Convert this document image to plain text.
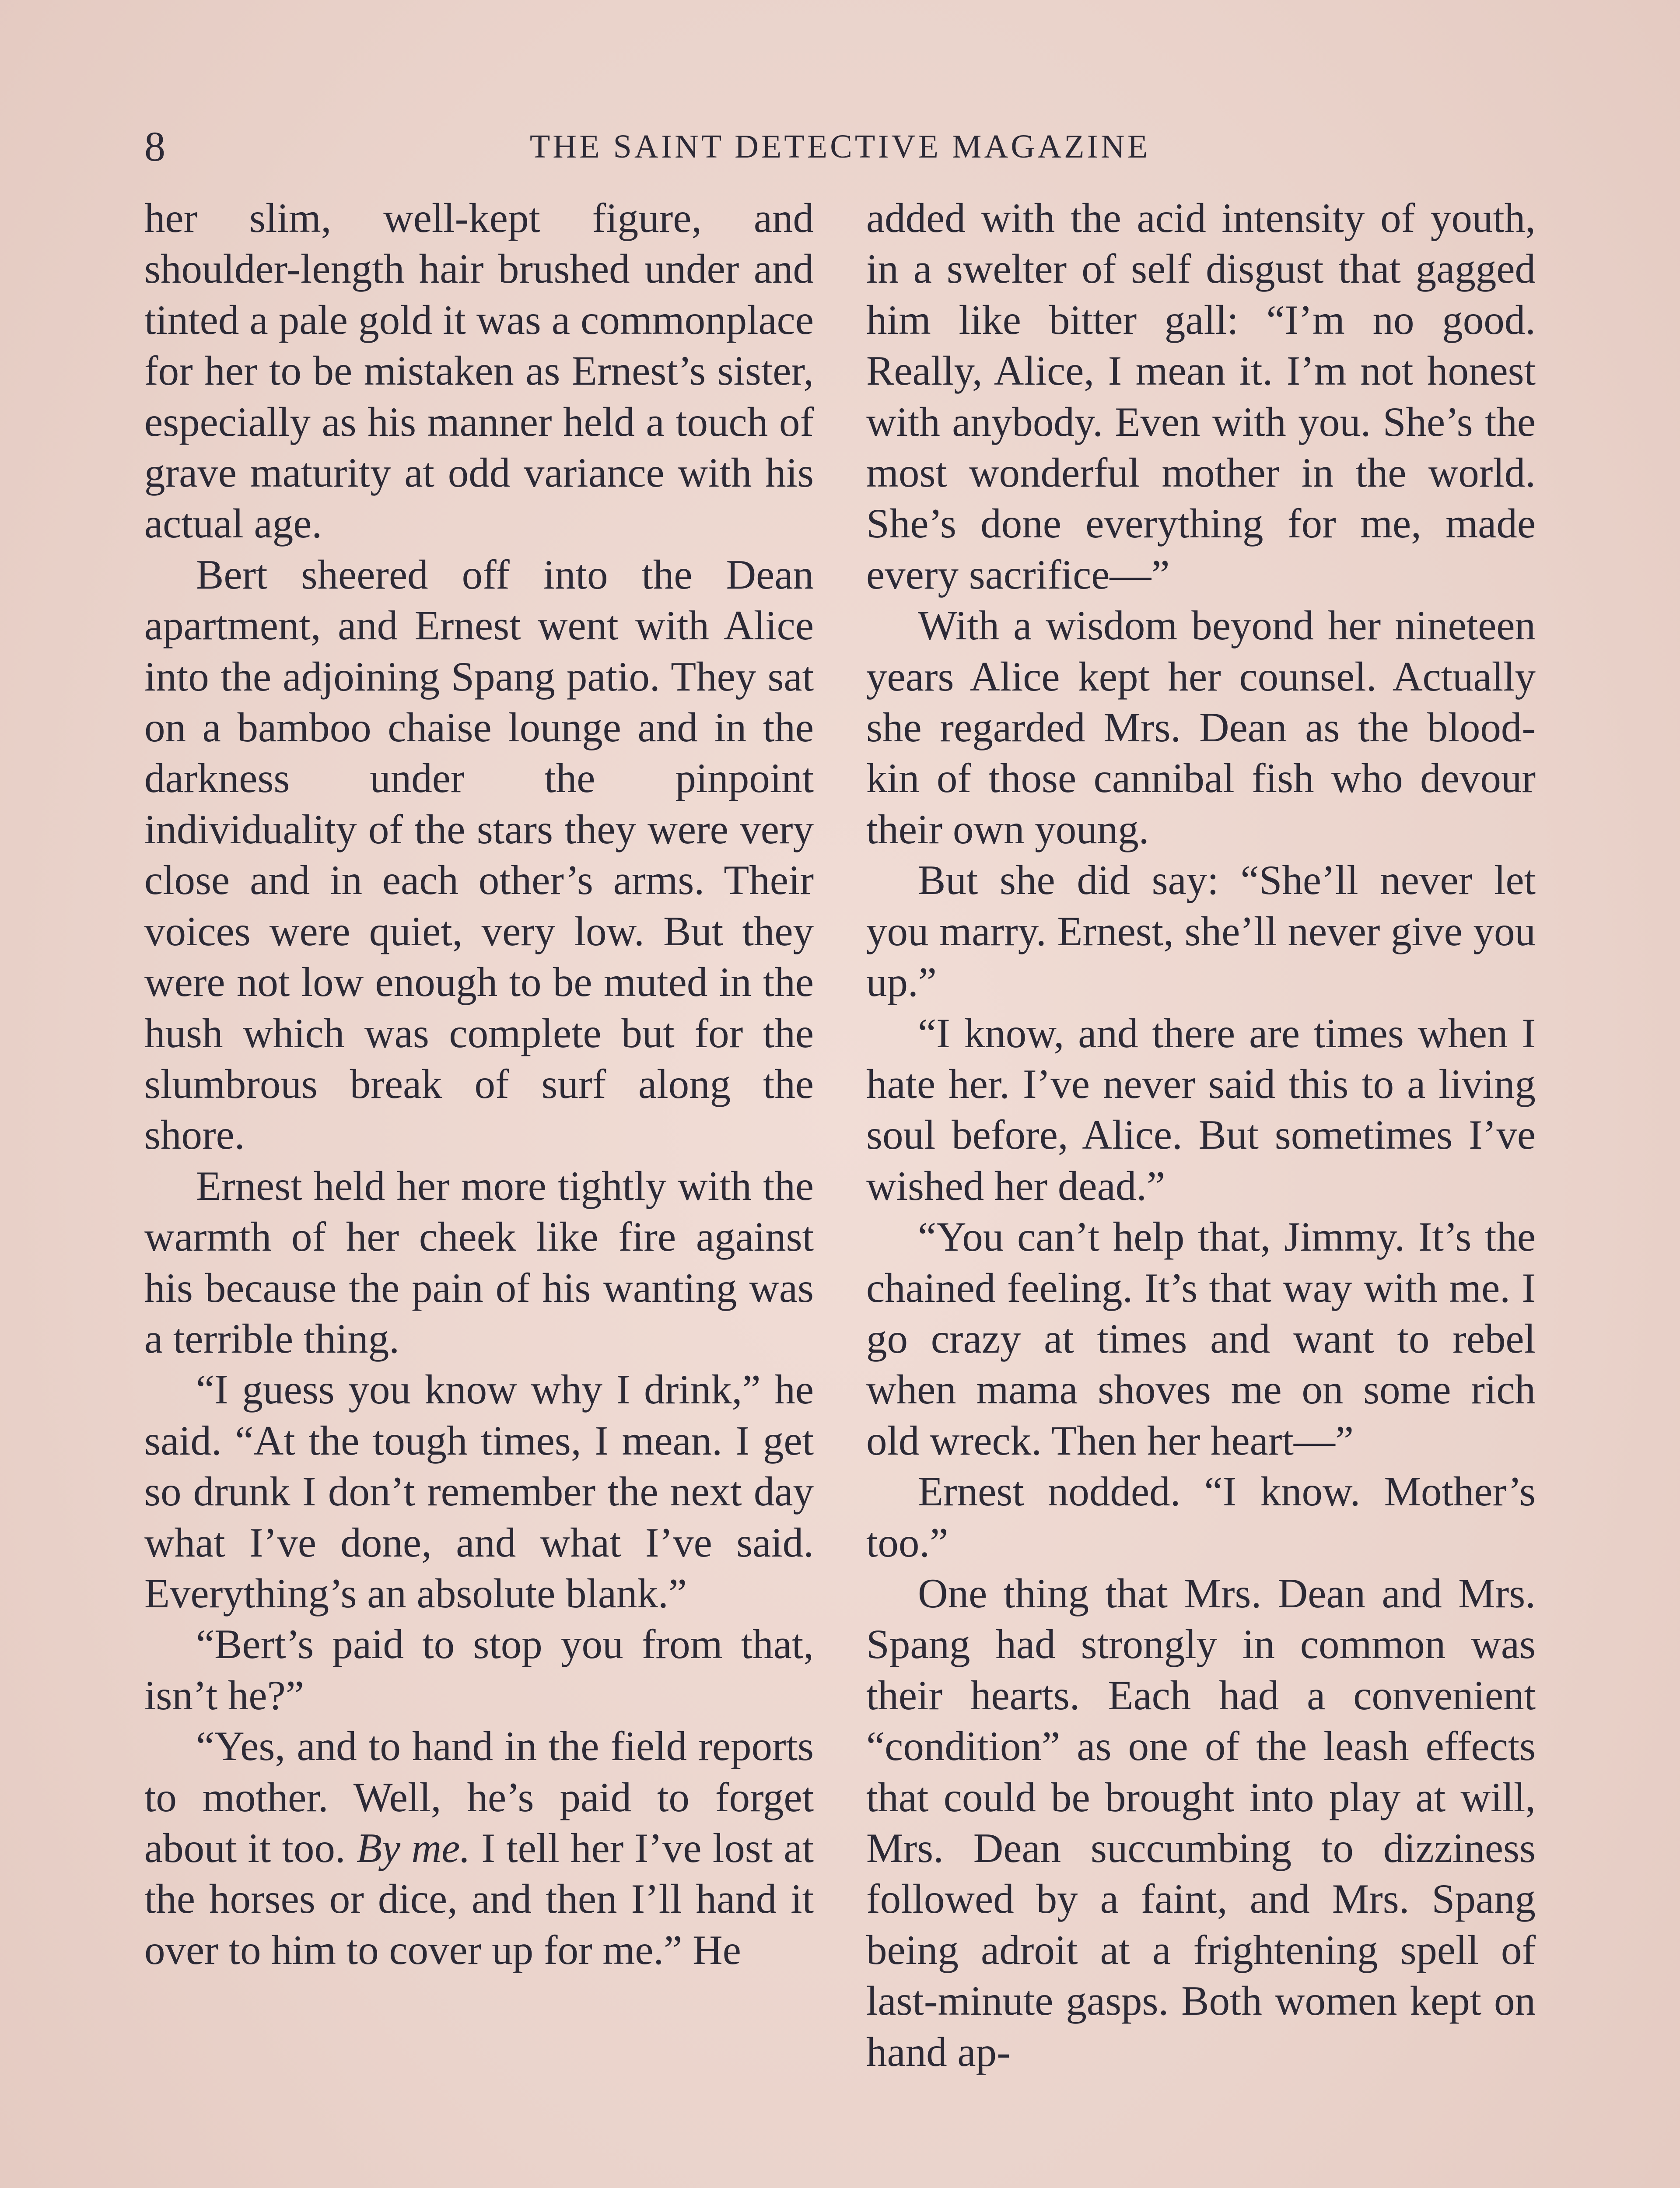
8	THE SAINT DETECTIVE MAGAZINE

her slim, well-kept figure, and shoulder-length hair brushed under and tinted a pale gold it was a commonplace for her to be mistaken as Ernest’s sister, especially as his manner held a touch of grave maturity at odd variance with his actual age.

Bert sheered off into the Dean apartment, and Ernest went with Alice into the adjoining Spang patio. They sat on a bamboo chaise lounge and in the darkness under the pinpoint individuality of the stars they were very close and in each other’s arms. Their voices were quiet, very low. But they were not low enough to be muted in the hush which was complete but for the slumbrous break of surf along the shore.

Ernest held her more tightly with the warmth of her cheek like fire against his because the pain of his wanting was a terrible thing.

“I guess you know why I drink,” he said. “At the tough times, I mean. I get so drunk I don’t remember the next day what I’ve done, and what I’ve said. Everything’s an absolute blank.”

“Bert’s paid to stop you from that, isn’t he?”

“Yes, and to hand in the field reports to mother. Well, he’s paid to forget about it too. By me. I tell her I’ve lost at the horses or dice, and then I’ll hand it over to him to cover up for me.” He

added with the acid intensity of youth, in a swelter of self disgust that gagged him like bitter gall: “I’m no good. Really, Alice, I mean it. I’m not honest with anybody. Even with you. She’s the most wonderful mother in the world. She’s done everything for me, made every sacrifice—”

With a wisdom beyond her nineteen years Alice kept her counsel. Actually she regarded Mrs. Dean as the blood-kin of those cannibal fish who devour their own young.

But she did say: “She’ll never let you marry. Ernest, she’ll never give you up.”

“I know, and there are times when I hate her. I’ve never said this to a living soul before, Alice. But sometimes I’ve wished her dead.”

“You can’t help that, Jimmy. It’s the chained feeling. It’s that way with me. I go crazy at times and want to rebel when mama shoves me on some rich old wreck. Then her heart—”

Ernest nodded. “I know. Mother’s too.”

One thing that Mrs. Dean and Mrs. Spang had strongly in common was their hearts. Each had a convenient “condition” as one of the leash effects that could be brought into play at will, Mrs. Dean succumbing to dizziness followed by a faint, and Mrs. Spang being adroit at a frightening spell of last-minute gasps. Both women kept on hand ap-
